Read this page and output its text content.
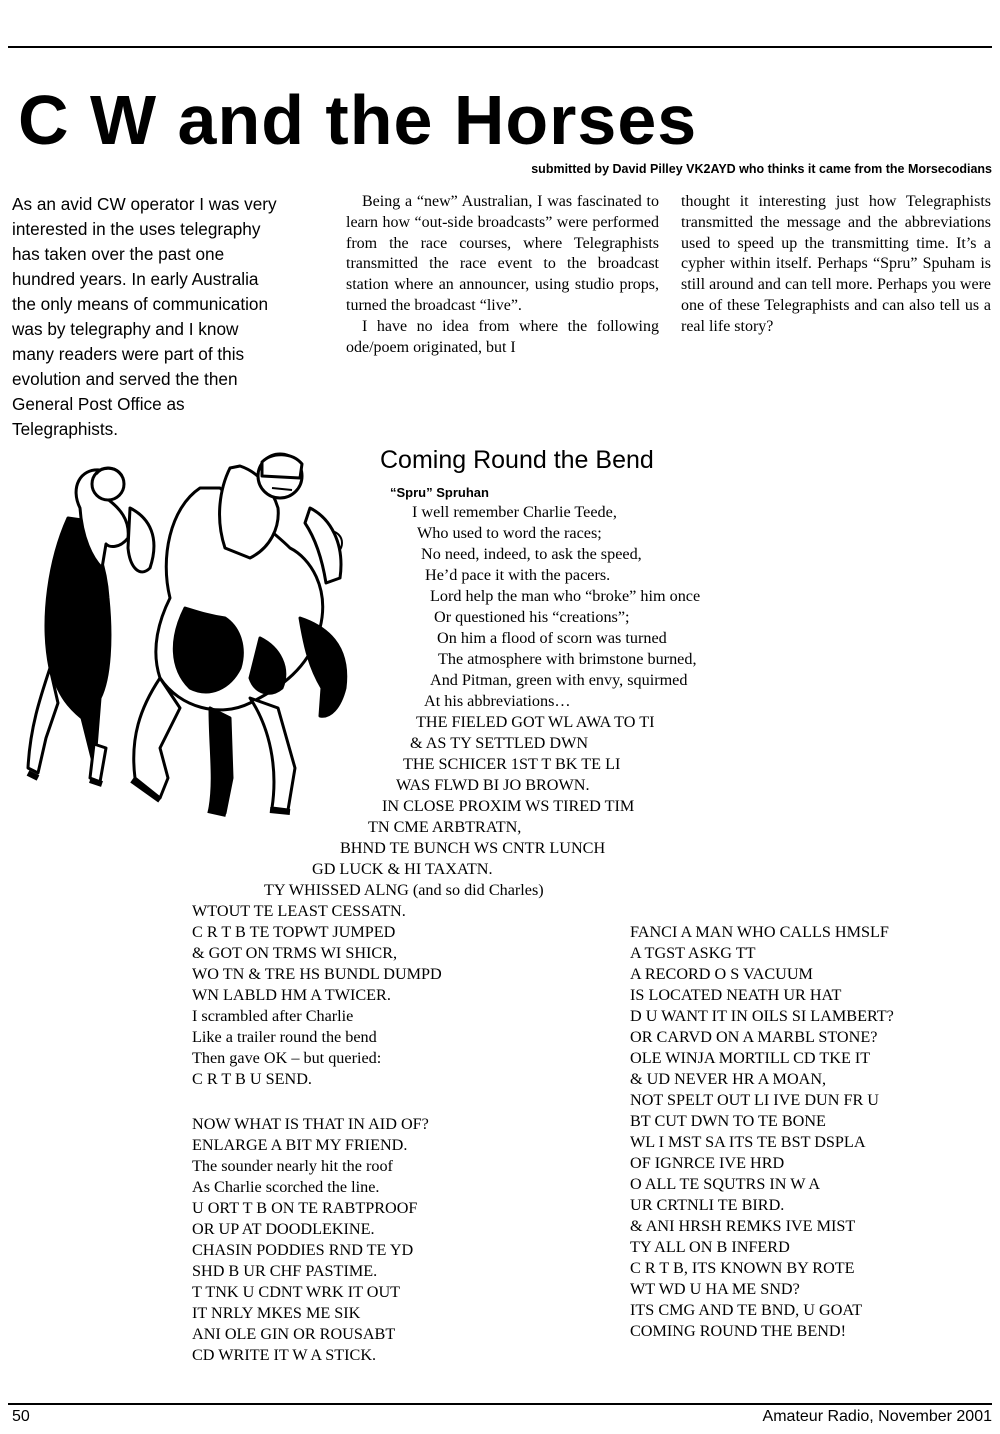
C W and the Horses
submitted by David Pilley VK2AYD who thinks it came from the Morsecodians
As an avid CW operator I was very
interested in the uses telegraphy
has taken over the past one
hundred years. In early Australia
the only means of communication
was by telegraphy and I know
many readers were part of this
evolution and served the then
General Post Office as
Telegraphists.

Being a “new” Australian, I was fascinated to learn how “out-side broadcasts” were performed from the race courses, where Telegraphists transmitted the race event to the broadcast station where an announcer, using studio props, turned the broadcast “live”.

I have no idea from where the following ode/poem originated, but I

thought it interesting just how Telegraphists transmitted the message and the abbreviations used to speed up the transmitting time. It’s a cypher within itself. Perhaps “Spru” Spuham is still around and can tell more. Perhaps you were one of these Telegraphists and can also tell us a real life story?

Coming Round the Bend
“Spru” Spruhan
I well remember Charlie Teede,
Who used to word the races;
No need, indeed, to ask the speed,
He’d pace it with the pacers.
Lord help the man who “broke” him once
Or questioned his “creations”;
On him a flood of scorn was turned
The atmosphere with brimstone burned,
And Pitman, green with envy, squirmed
At his abbreviations…
THE FIELED GOT WL AWA TO TI
& AS TY SETTLED DWN
THE SCHICER 1ST T BK TE LI
WAS FLWD BI JO BROWN.
IN CLOSE PROXIM WS TIRED TIM
TN CME ARBTRATN,
BHND TE BUNCH WS CNTR LUNCH
GD LUCK & HI TAXATN.
TY WHISSED ALNG (and so did Charles)
WTOUT TE LEAST CESSATN.
C R T B TE TOPWT JUMPED
& GOT ON TRMS WI SHICR,
WO TN & TRE HS BUNDL DUMPD
WN LABLD HM A TWICER.
I scrambled after Charlie
Like a trailer round the bend
Then gave OK – but queried:
C R T B U SEND.
NOW WHAT IS THAT IN AID OF?
ENLARGE A BIT MY FRIEND.
The sounder nearly hit the roof
As Charlie scorched the line.
U ORT T B ON TE RABTPROOF
OR UP AT DOODLEKINE.
CHASIN PODDIES RND TE YD
SHD B UR CHF PASTIME.
T TNK U CDNT WRK IT OUT
IT NRLY MKES ME SIK
ANI OLE GIN OR ROUSABT
CD WRITE IT W A STICK.
FANCI A MAN WHO CALLS HMSLF
A TGST ASKG TT
A RECORD O S VACUUM
IS LOCATED NEATH UR HAT
D U WANT IT IN OILS SI LAMBERT?
OR CARVD ON A MARBL STONE?
OLE WINJA MORTILL CD TKE IT
& UD NEVER HR A MOAN,
NOT SPELT OUT LI IVE DUN FR U
BT CUT DWN TO TE BONE
WL I MST SA ITS TE BST DSPLA
OF IGNRCE IVE HRD
O ALL TE SQUTRS IN W A
UR CRTNLI TE BIRD.
& ANI HRSH REMKS IVE MIST
TY ALL ON B INFERD
C R T B, ITS KNOWN BY ROTE
WT WD U HA ME SND?
ITS CMG AND TE BND, U GOAT
COMING ROUND THE BEND!
50	Amateur Radio, November 2001
